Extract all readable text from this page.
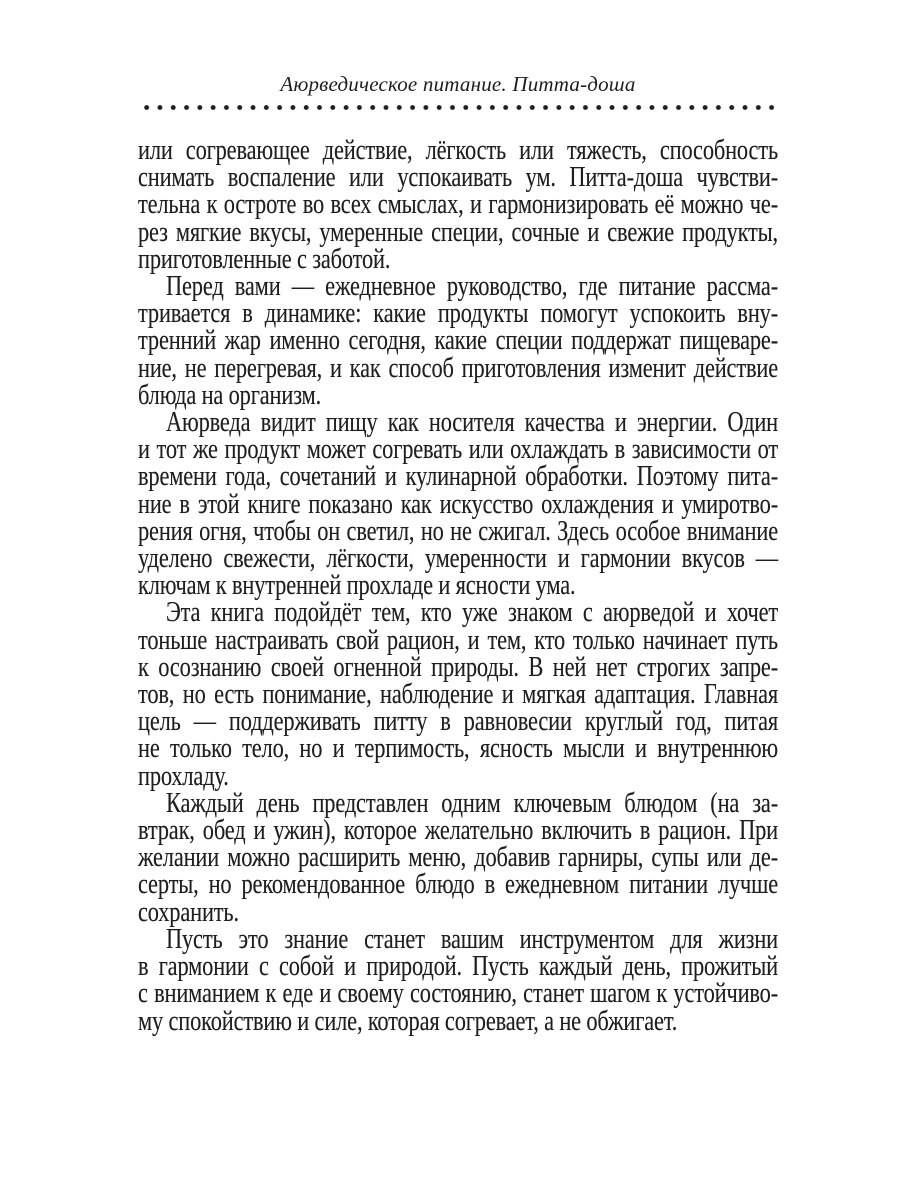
Аюрведическое питание. Питта-доша
или согревающее действие, лёгкость или тяжесть, способность
снимать воспаление или успокаивать ум. Питта-доша чувстви-
тельна к остроте во всех смыслах, и гармонизировать её можно че-
рез мягкие вкусы, умеренные специи, сочные и свежие продукты,
приготовленные с заботой.
Перед вами — ежедневное руководство, где питание рассма-
тривается в динамике: какие продукты помогут успокоить вну-
тренний жар именно сегодня, какие специи поддержат пищеваре-
ние, не перегревая, и как способ приготовления изменит действие
блюда на организм.
Аюрведа видит пищу как носителя качества и энергии. Один
и тот же продукт может согревать или охлаждать в зависимости от
времени года, сочетаний и кулинарной обработки. Поэтому пита-
ние в этой книге показано как искусство охлаждения и умиротво-
рения огня, чтобы он светил, но не сжигал. Здесь особое внимание
уделено свежести, лёгкости, умеренности и гармонии вкусов —
ключам к внутренней прохладе и ясности ума.
Эта книга подойдёт тем, кто уже знаком с аюрведой и хочет
тоньше настраивать свой рацион, и тем, кто только начинает путь
к осознанию своей огненной природы. В ней нет строгих запре-
тов, но есть понимание, наблюдение и мягкая адаптация. Главная
цель — поддерживать питту в равновесии круглый год, питая
не только тело, но и терпимость, ясность мысли и внутреннюю
прохладу.
Каждый день представлен одним ключевым блюдом (на за-
втрак, обед и ужин), которое желательно включить в рацион. При
желании можно расширить меню, добавив гарниры, супы или де-
серты, но рекомендованное блюдо в ежедневном питании лучше
сохранить.
Пусть это знание станет вашим инструментом для жизни
в гармонии с собой и природой. Пусть каждый день, прожитый
с вниманием к еде и своему состоянию, станет шагом к устойчиво-
му спокойствию и силе, которая согревает, а не обжигает.
